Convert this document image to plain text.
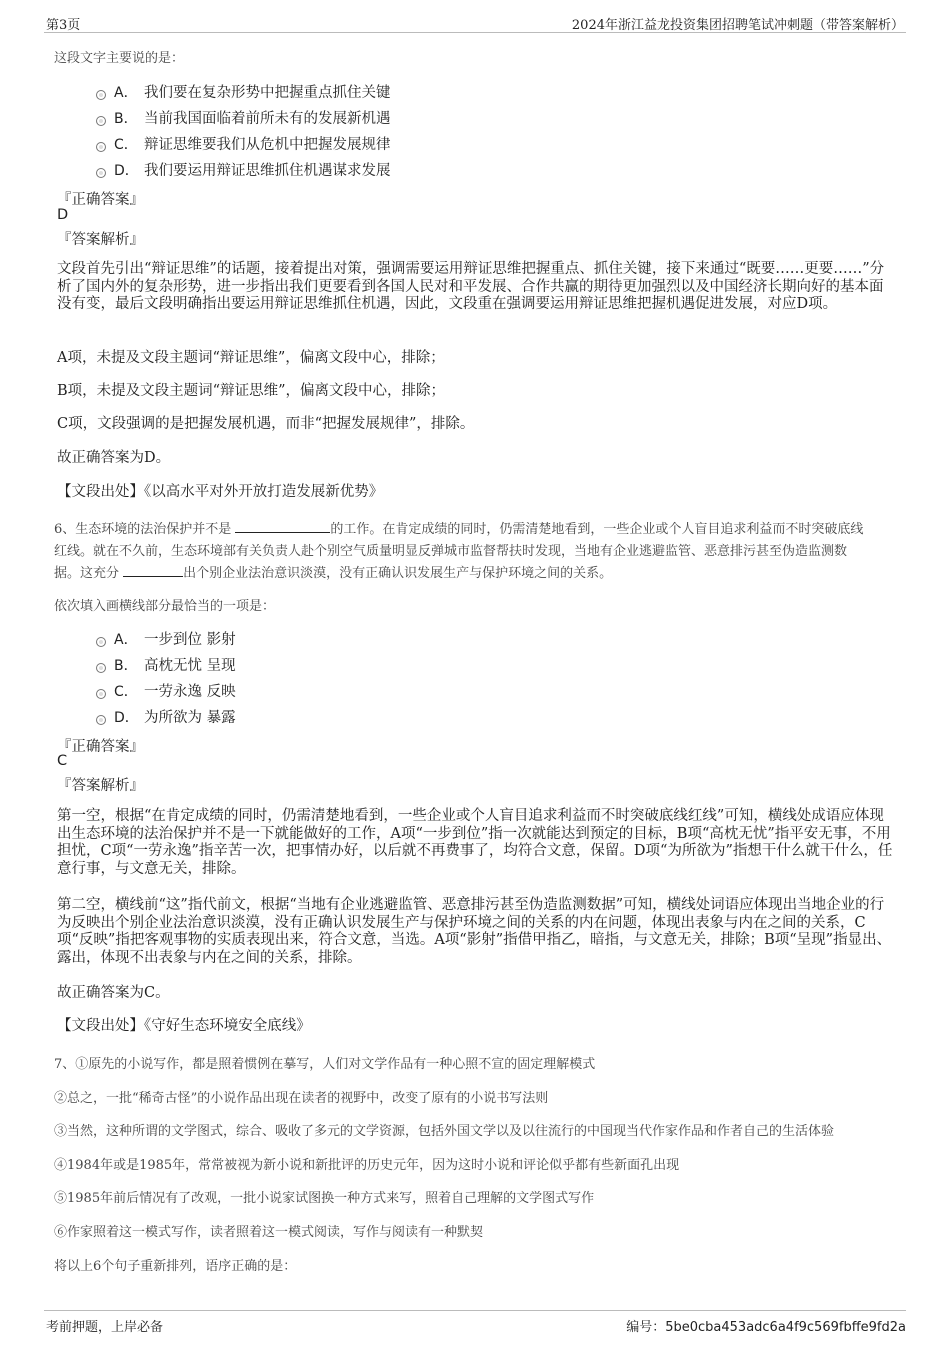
第3页	2024年浙江益龙投资集团招聘笔试冲刺题（带答案解析）
这段文字主要说的是：
A． 我们要在复杂形势中把握重点抓住关键
B． 当前我国面临着前所未有的发展新机遇
C． 辩证思维要我们从危机中把握发展规律
D． 我们要运用辩证思维抓住机遇谋求发展
『正确答案』
D
『答案解析』
文段首先引出“辩证思维”的话题，接着提出对策，强调需要运用辩证思维把握重点、抓住关键，接下来通过“既要……更要……”分析了国内外的复杂形势，进一步指出我们更要看到各国人民对和平发展、合作共赢的期待更加强烈以及中国经济长期向好的基本面没有变，最后文段明确指出要运用辩证思维抓住机遇，因此，文段重在强调要运用辩证思维把握机遇促进发展，对应D项。
A项，未提及文段主题词“辩证思维”，偏离文段中心，排除；
B项，未提及文段主题词“辩证思维”，偏离文段中心，排除；
C项，文段强调的是把握发展机遇，而非“把握发展规律”，排除。
故正确答案为D。
【文段出处】《以高水平对外开放打造发展新优势》
6、生态环境的法治保护并不是	的工作。在肯定成绩的同时，仍需清楚地看到，一些企业或个人盲目追求利益而不时突破底线
红线。就在不久前，生态环境部有关负责人赴个别空气质量明显反弹城市监督帮扶时发现，当地有企业逃避监管、恶意排污甚至伪造监测数
据。这充分	出个别企业法治意识淡漠，没有正确认识发展生产与保护环境之间的关系。
依次填入画横线部分最恰当的一项是：
A． 一步到位 影射
B． 高枕无忧 呈现
C． 一劳永逸 反映
D． 为所欲为 暴露
『正确答案』
C
『答案解析』
第一空，根据“在肯定成绩的同时，仍需清楚地看到，一些企业或个人盲目追求利益而不时突破底线红线”可知，横线处成语应体现出生态环境的法治保护并不是一下就能做好的工作，A项“一步到位”指一次就能达到预定的目标，B项“高枕无忧”指平安无事，不用担忧，C项“一劳永逸”指辛苦一次，把事情办好，以后就不再费事了，均符合文意，保留。D项“为所欲为”指想干什么就干什么，任意行事，与文意无关，排除。
第二空，横线前“这”指代前文，根据“当地有企业逃避监管、恶意排污甚至伪造监测数据”可知，横线处词语应体现出当地企业的行为反映出个别企业法治意识淡漠，没有正确认识发展生产与保护环境之间的关系的内在问题，体现出表象与内在之间的关系，C项“反映”指把客观事物的实质表现出来，符合文意，当选。A项“影射”指借甲指乙，暗指，与文意无关，排除；B项“呈现”指显出、露出，体现不出表象与内在之间的关系，排除。
故正确答案为C。
【文段出处】《守好生态环境安全底线》
7、①原先的小说写作，都是照着惯例在摹写，人们对文学作品有一种心照不宣的固定理解模式
②总之，一批“稀奇古怪”的小说作品出现在读者的视野中，改变了原有的小说书写法则
③当然，这种所谓的文学图式，综合、吸收了多元的文学资源，包括外国文学以及以往流行的中国现当代作家作品和作者自己的生活体验
④1984年或是1985年，常常被视为新小说和新批评的历史元年，因为这时小说和评论似乎都有些新面孔出现
⑤1985年前后情况有了改观，一批小说家试图换一种方式来写，照着自己理解的文学图式写作
⑥作家照着这一模式写作，读者照着这一模式阅读，写作与阅读有一种默契
将以上6个句子重新排列，语序正确的是：
考前押题，上岸必备	编号：5be0cba453adc6a4f9c569fbffe9fd2a
